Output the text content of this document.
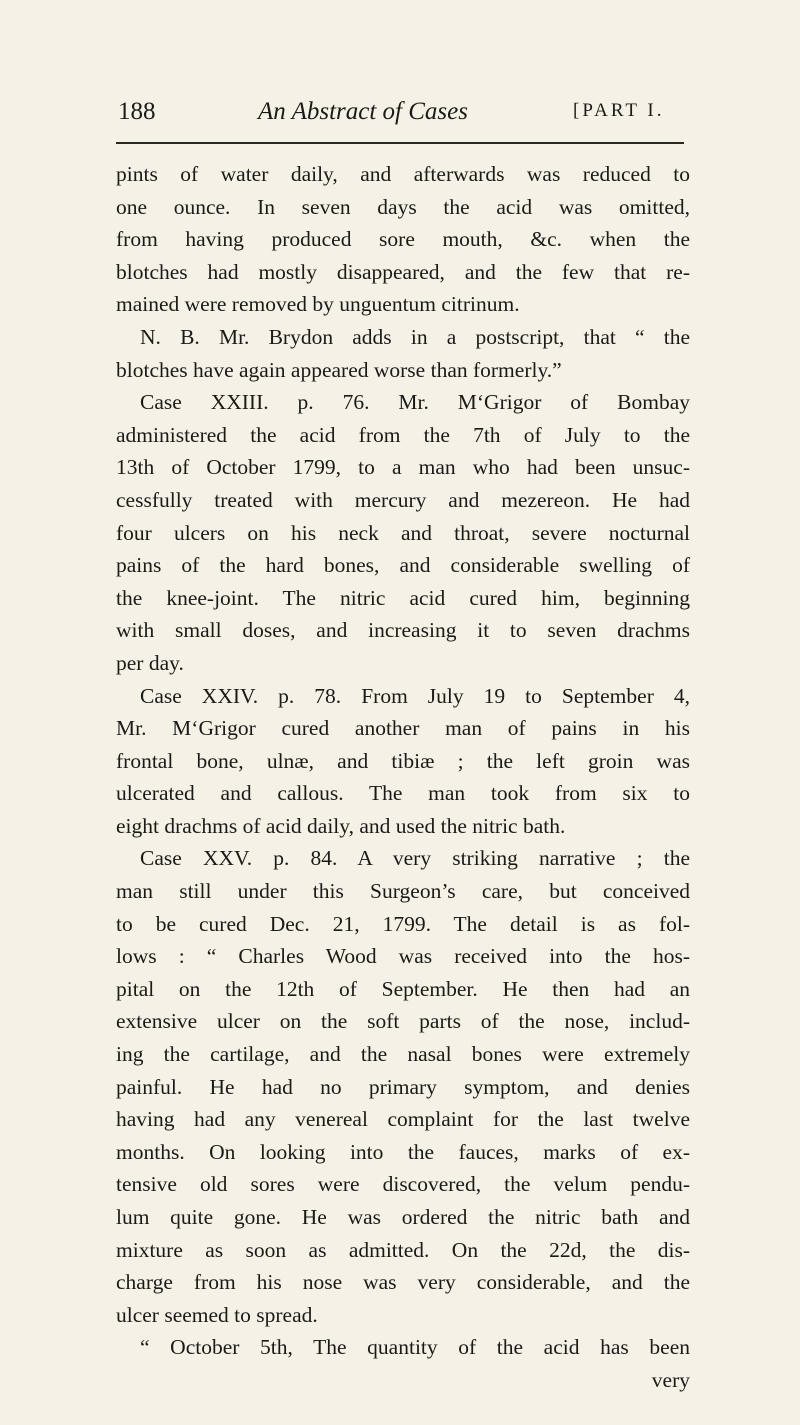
188	An Abstract of Cases	[PART I.
pints of water daily, and afterwards was reduced to
one ounce. In seven days the acid was omitted,
from having produced sore mouth, &c. when the
blotches had mostly disappeared, and the few that re-
mained were removed by unguentum citrinum.
N. B. Mr. Brydon adds in a postscript, that “ the
blotches have again appeared worse than formerly.”
Case XXIII. p. 76. Mr. M‘Grigor of Bombay
administered the acid from the 7th of July to the
13th of October 1799, to a man who had been unsuc-
cessfully treated with mercury and mezereon. He had
four ulcers on his neck and throat, severe nocturnal
pains of the hard bones, and considerable swelling of
the knee-joint. The nitric acid cured him, beginning
with small doses, and increasing it to seven drachms
per day.
Case XXIV. p. 78. From July 19 to September 4,
Mr. M‘Grigor cured another man of pains in his
frontal bone, ulnæ, and tibiæ ; the left groin was
ulcerated and callous. The man took from six to
eight drachms of acid daily, and used the nitric bath.
Case XXV. p. 84. A very striking narrative ; the
man still under this Surgeon’s care, but conceived
to be cured Dec. 21, 1799. The detail is as fol-
lows : “ Charles Wood was received into the hos-
pital on the 12th of September. He then had an
extensive ulcer on the soft parts of the nose, includ-
ing the cartilage, and the nasal bones were extremely
painful. He had no primary symptom, and denies
having had any venereal complaint for the last twelve
months. On looking into the fauces, marks of ex-
tensive old sores were discovered, the velum pendu-
lum quite gone. He was ordered the nitric bath and
mixture as soon as admitted. On the 22d, the dis-
charge from his nose was very considerable, and the
ulcer seemed to spread.
“ October 5th, The quantity of the acid has been
very
